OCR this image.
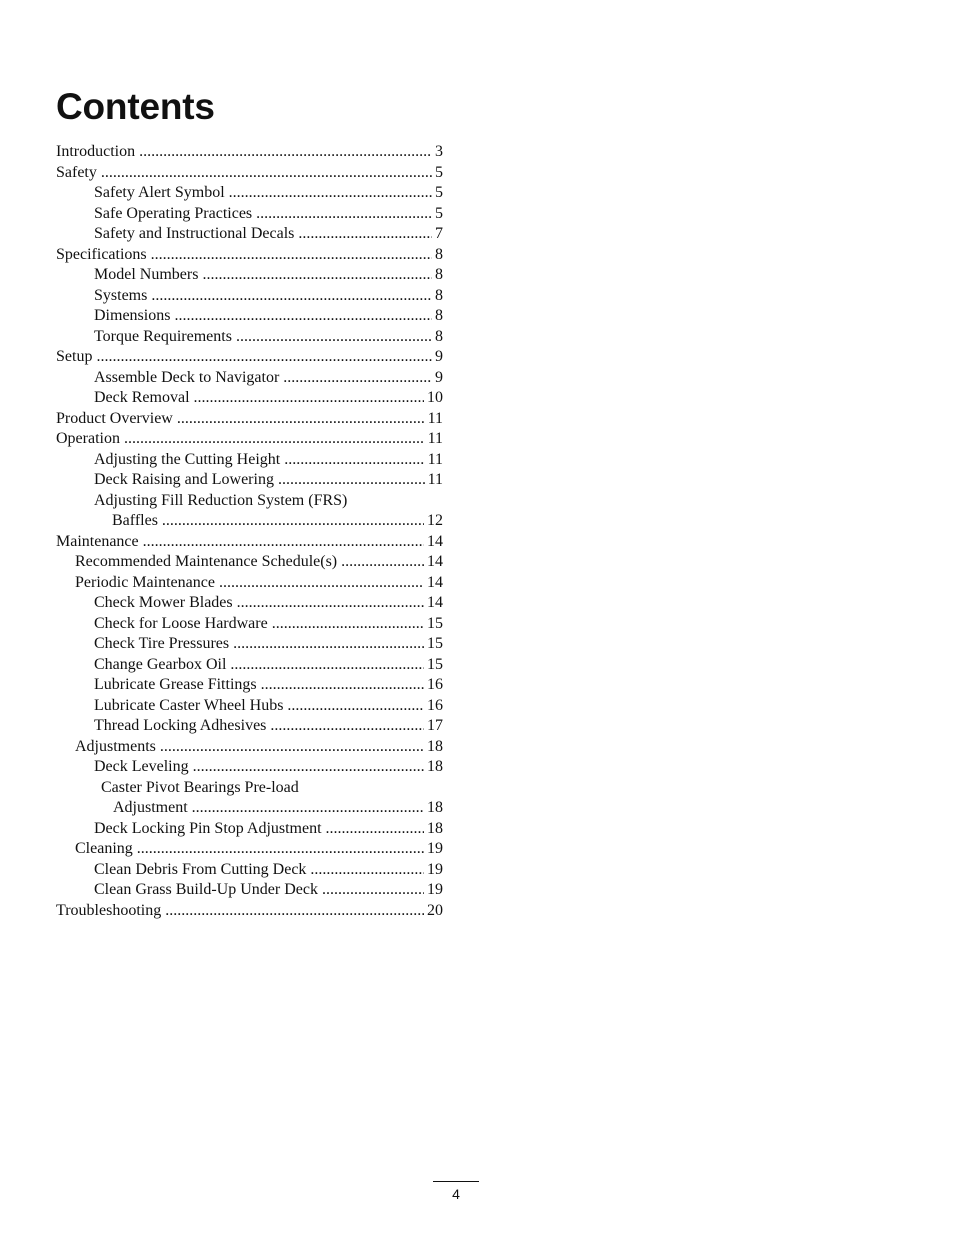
Contents
Introduction .....	3
Safety .....	5
Safety Alert Symbol .....	5
Safe Operating Practices .....	5
Safety and Instructional Decals .....	7
Specifications .....	8
Model Numbers .....	8
Systems .....	8
Dimensions .....	8
Torque Requirements .....	8
Setup .....	9
Assemble Deck to Navigator .....	9
Deck Removal .....	10
Product Overview .....	11
Operation .....	11
Adjusting the Cutting Height .....	11
Deck Raising and Lowering .....	11
Adjusting Fill Reduction System (FRS)
Baffles .....	12
Maintenance .....	14
Recommended Maintenance Schedule(s) .....	14
Periodic Maintenance .....	14
Check Mower Blades .....	14
Check for Loose Hardware .....	15
Check Tire Pressures .....	15
Change Gearbox Oil .....	15
Lubricate Grease Fittings .....	16
Lubricate Caster Wheel Hubs .....	16
Thread Locking Adhesives .....	17
Adjustments .....	18
Deck Leveling .....	18
Caster Pivot Bearings Pre-load
Adjustment .....	18
Deck Locking Pin Stop Adjustment .....	18
Cleaning .....	19
Clean Debris From Cutting Deck .....	19
Clean Grass Build-Up Under Deck .....	19
Troubleshooting .....	20
4
